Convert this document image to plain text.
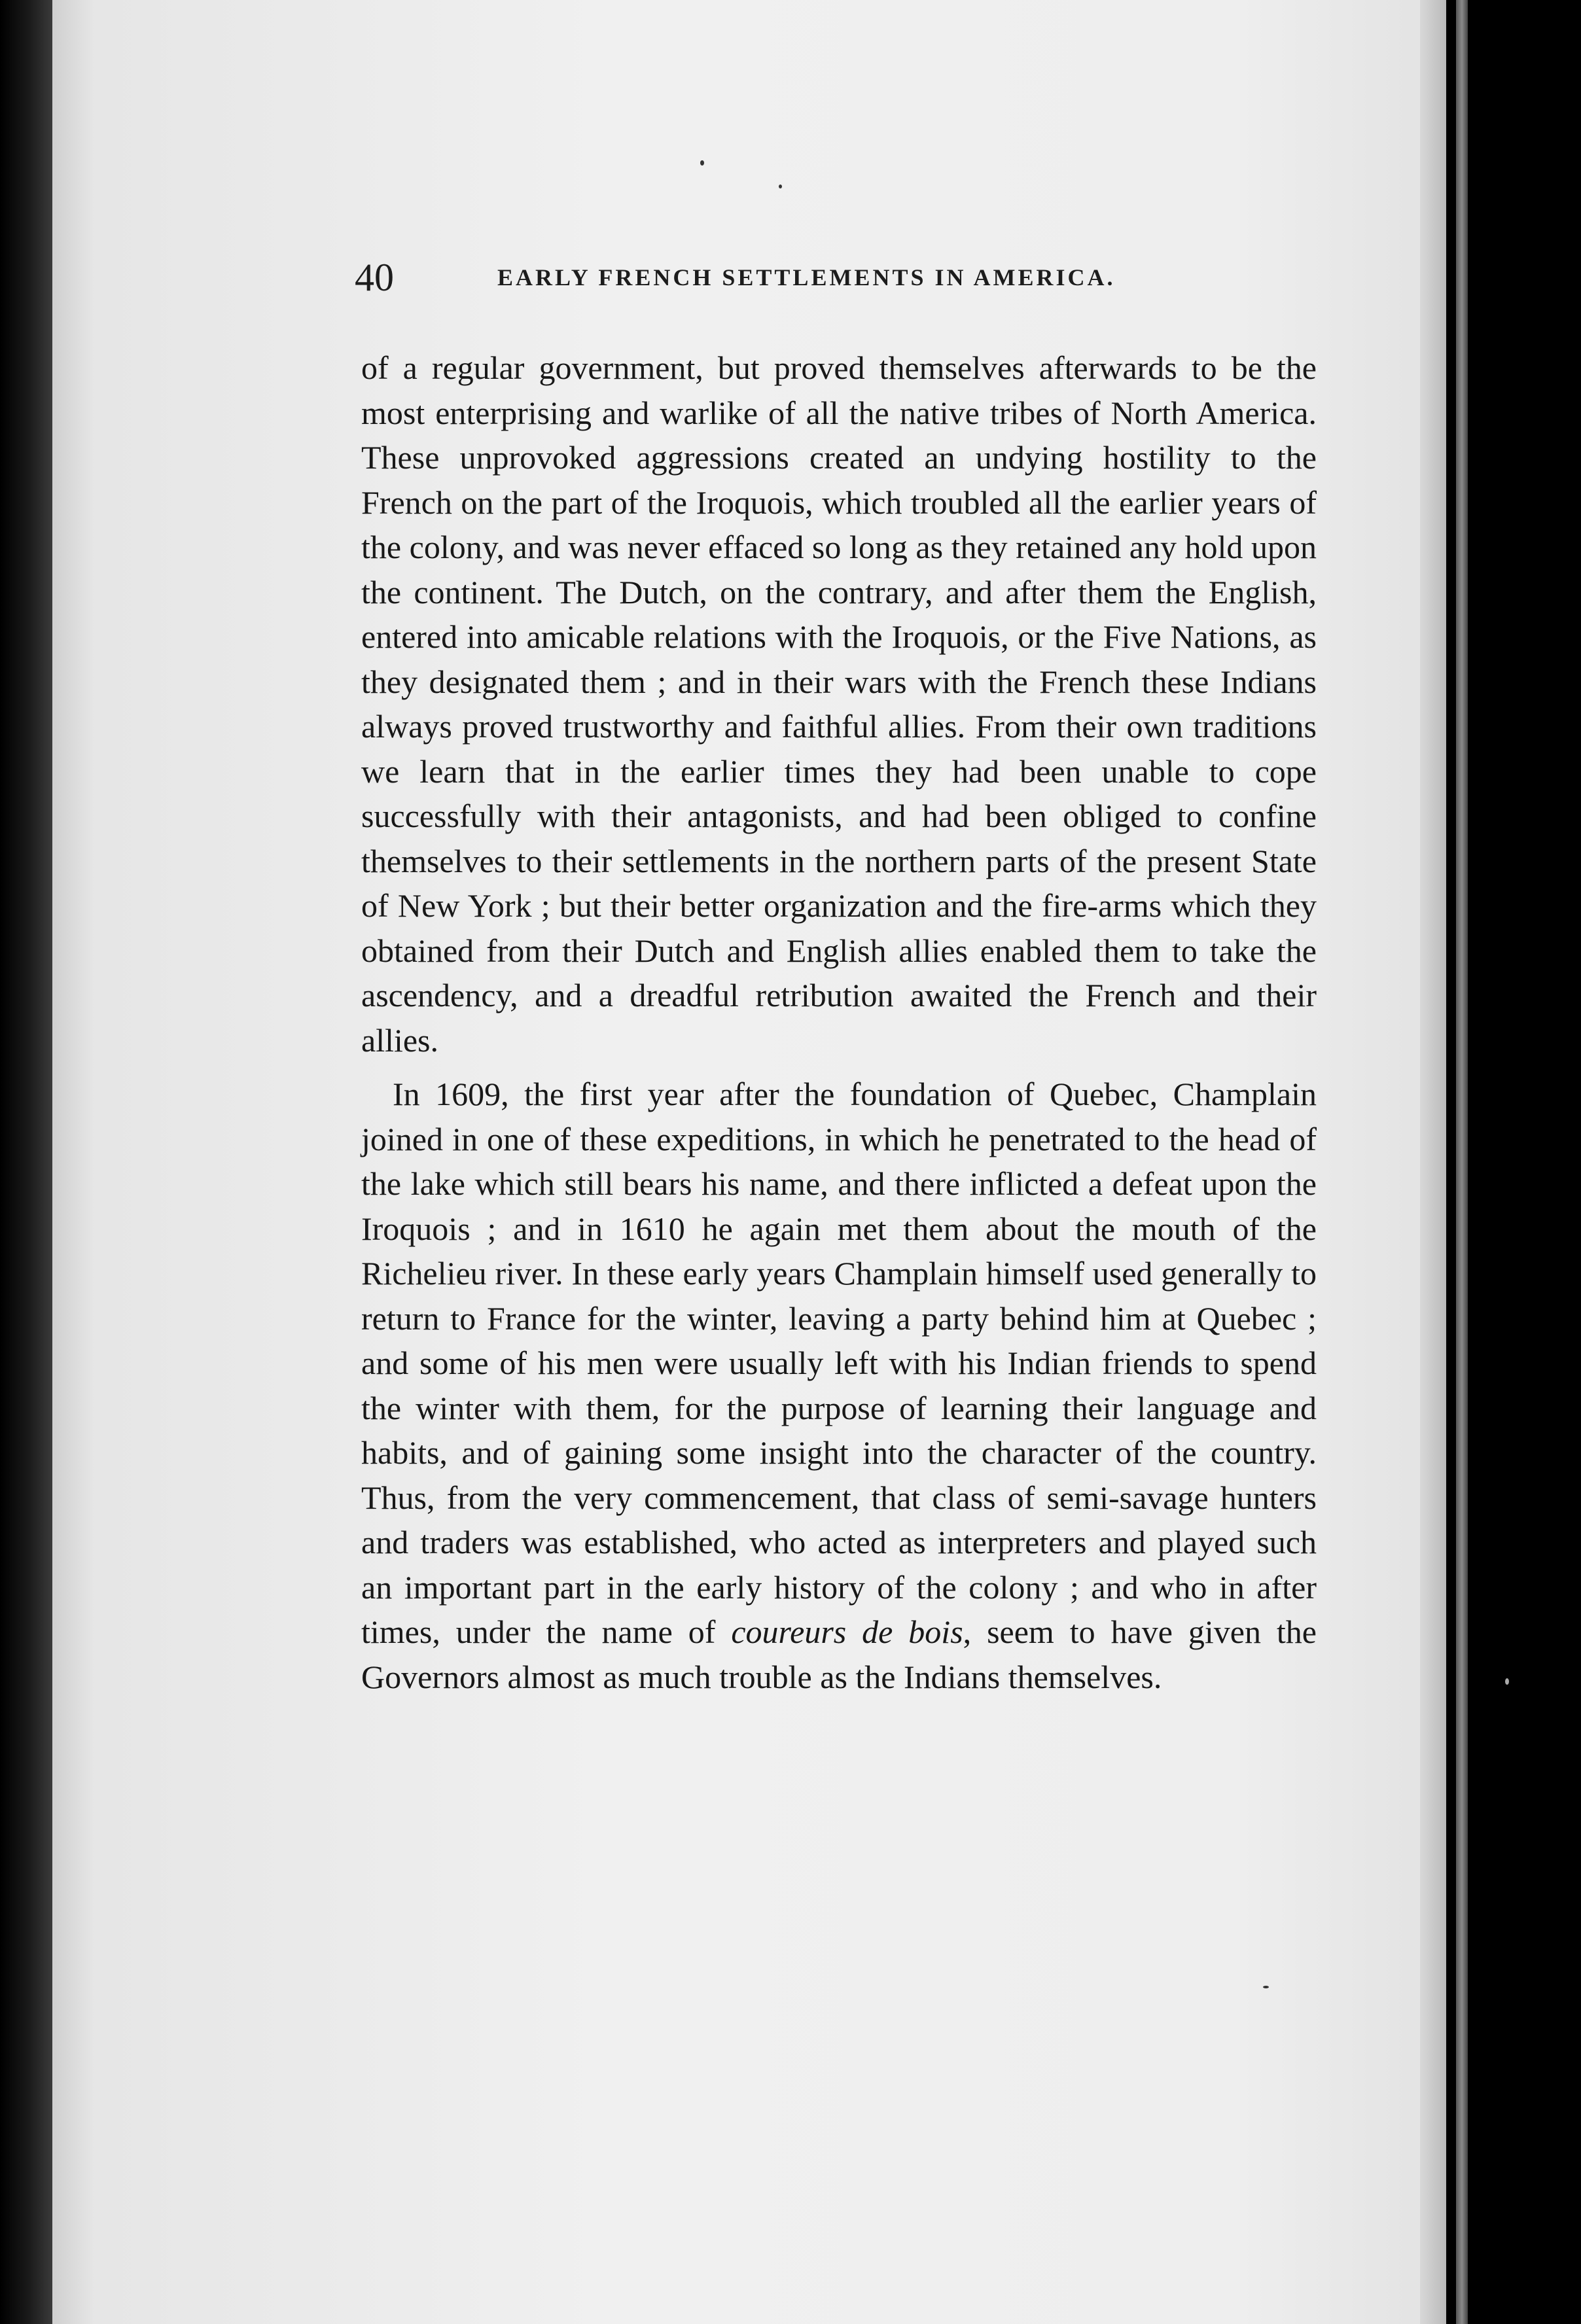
40	EARLY FRENCH SETTLEMENTS IN AMERICA.

of a regular government, but proved themselves afterwards to be the most enterprising and warlike of all the native tribes of North America. These unprovoked aggressions created an undying hostility to the French on the part of the Iroquois, which troubled all the earlier years of the colony, and was never effaced so long as they retained any hold upon the continent. The Dutch, on the contrary, and after them the English, entered into amicable relations with the Iroquois, or the Five Nations, as they designated them ; and in their wars with the French these Indians always proved trustworthy and faithful allies. From their own traditions we learn that in the earlier times they had been unable to cope successfully with their antagonists, and had been obliged to confine themselves to their settlements in the northern parts of the present State of New York ; but their better organization and the fire-arms which they obtained from their Dutch and English allies enabled them to take the ascendency, and a dreadful retribution awaited the French and their allies.

In 1609, the first year after the foundation of Quebec, Champlain joined in one of these expeditions, in which he penetrated to the head of the lake which still bears his name, and there inflicted a defeat upon the Iroquois ; and in 1610 he again met them about the mouth of the Richelieu river. In these early years Champlain himself used generally to return to France for the winter, leaving a party behind him at Quebec ; and some of his men were usually left with his Indian friends to spend the winter with them, for the purpose of learning their language and habits, and of gaining some insight into the character of the country. Thus, from the very commencement, that class of semi-savage hunters and traders was established, who acted as interpreters and played such an important part in the early history of the colony ; and who in after times, under the name of coureurs de bois, seem to have given the Governors almost as much trouble as the Indians themselves.
